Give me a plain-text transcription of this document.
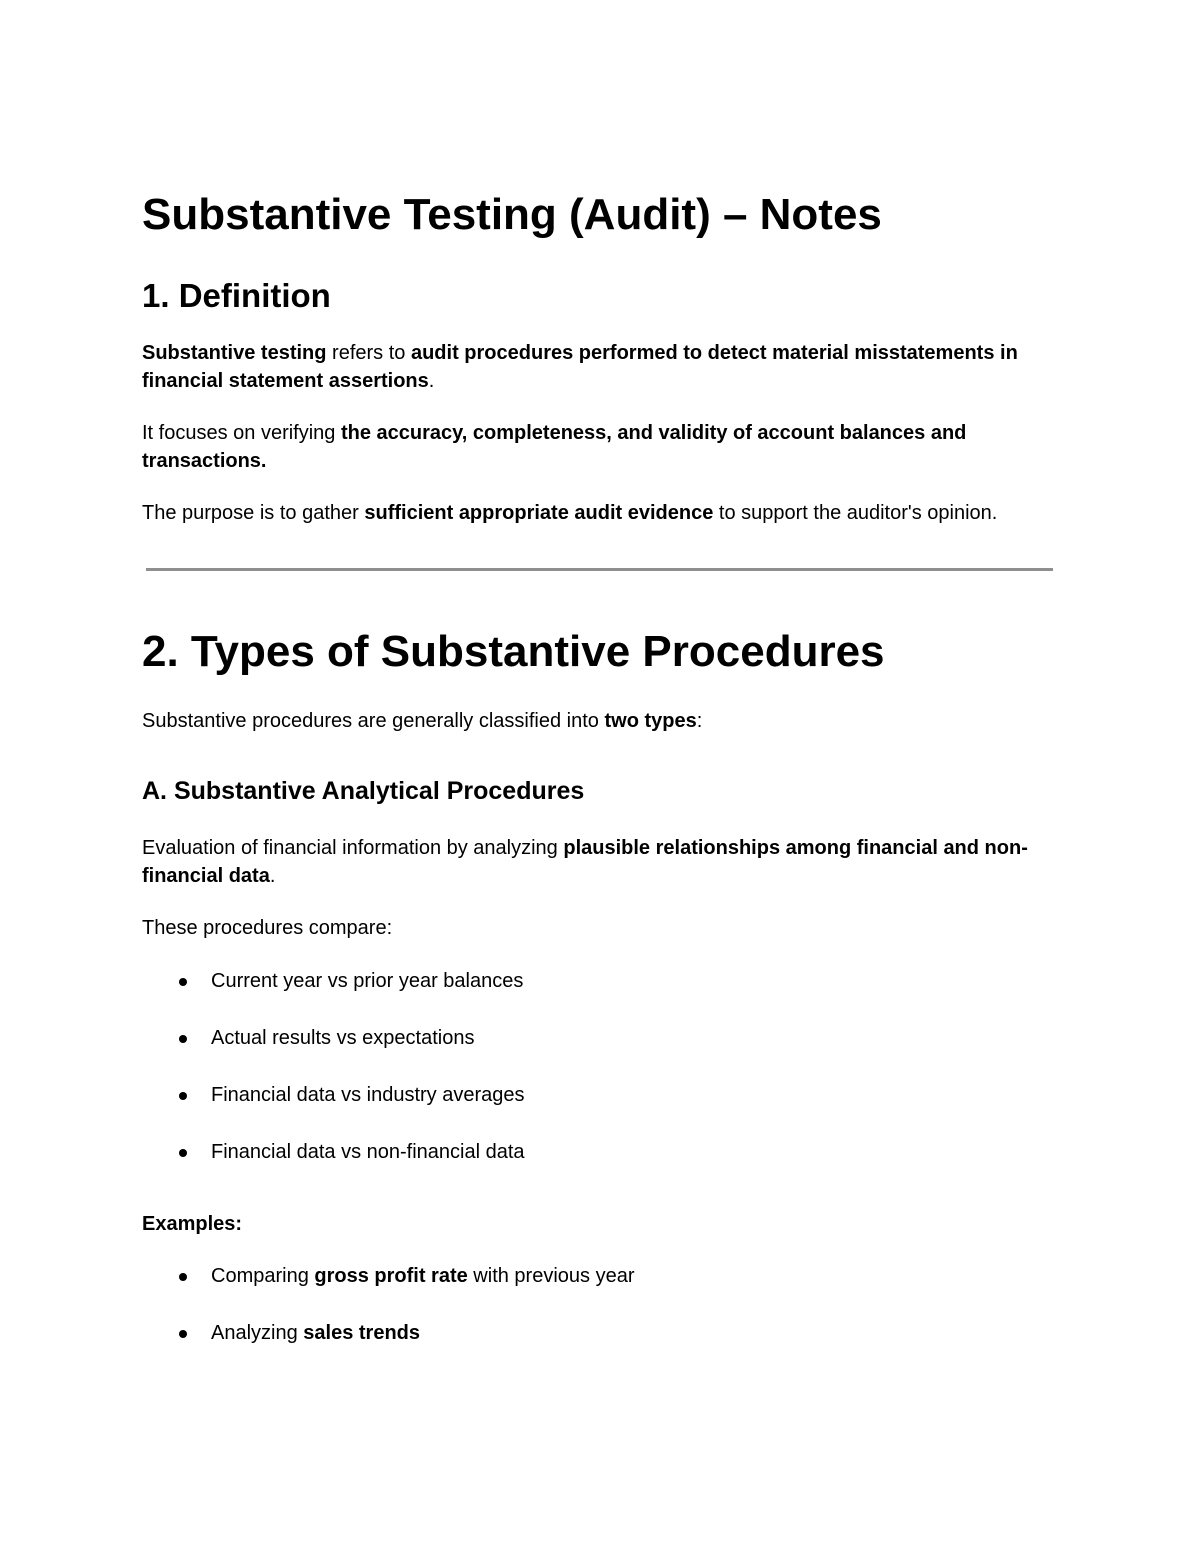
Substantive Testing (Audit) – Notes
1. Definition

Substantive testing refers to audit procedures performed to detect material misstatements in financial statement assertions.

It focuses on verifying the accuracy, completeness, and validity of account balances and transactions.

The purpose is to gather sufficient appropriate audit evidence to support the auditor's opinion.

2. Types of Substantive Procedures

Substantive procedures are generally classified into two types:

A. Substantive Analytical Procedures

Evaluation of financial information by analyzing plausible relationships among financial and non-financial data.

These procedures compare:

Current year vs prior year balances
Actual results vs expectations
Financial data vs industry averages
Financial data vs non-financial data

Examples:

Comparing gross profit rate with previous year
Analyzing sales trends
